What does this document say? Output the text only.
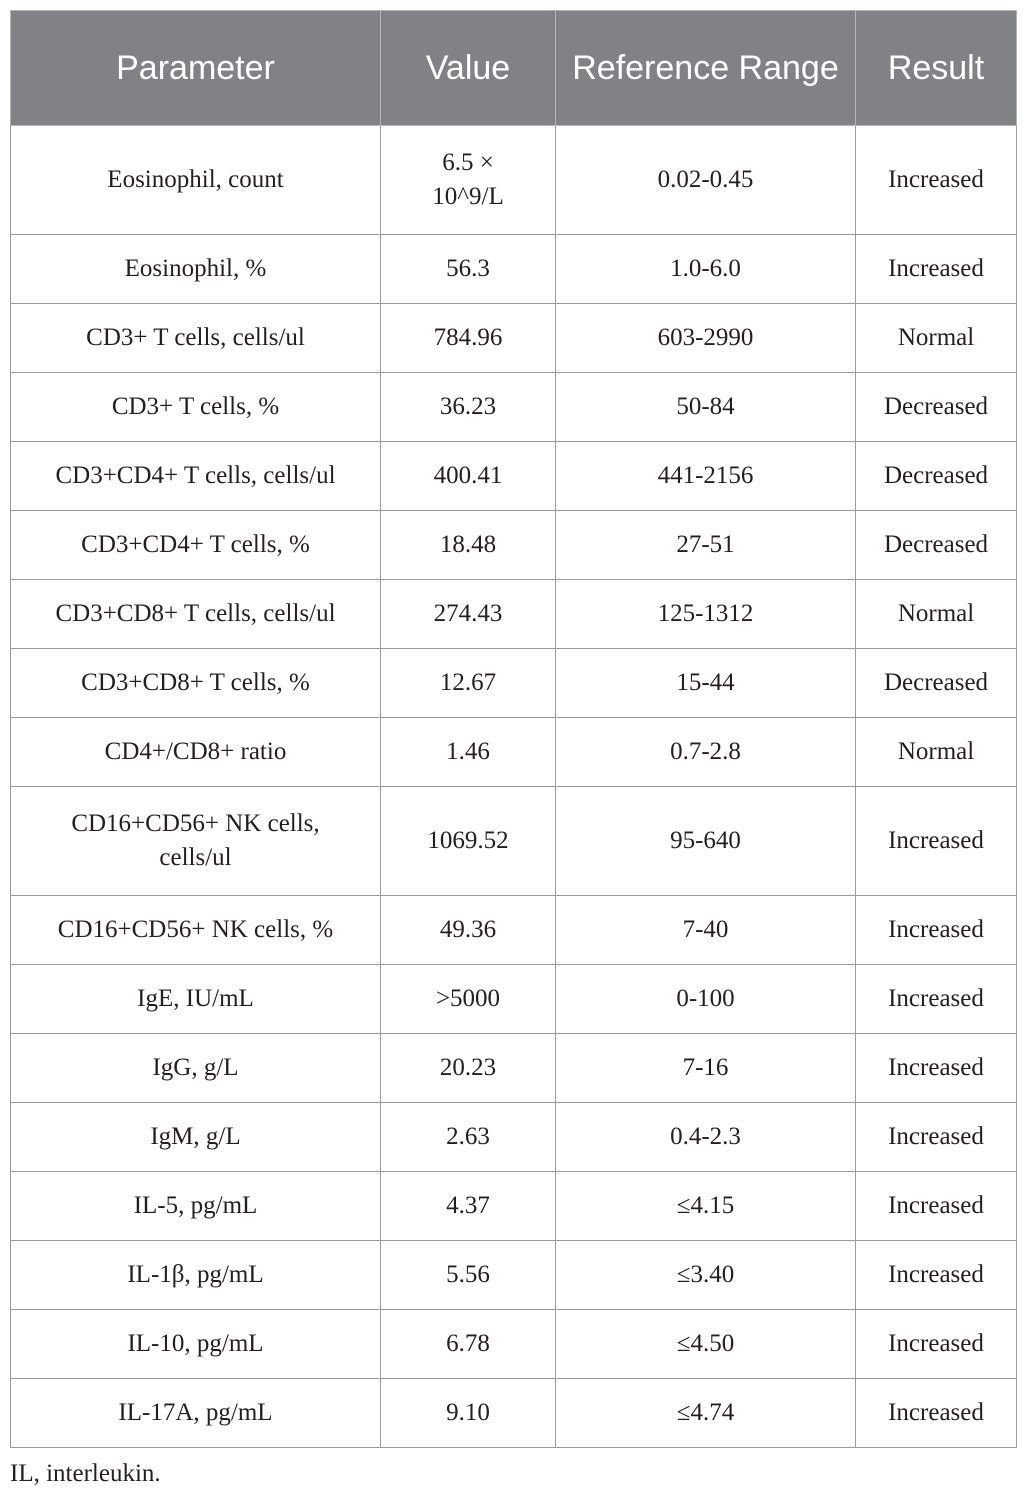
Parameter	Value	Reference Range	Result
Eosinophil, count	6.5 × 10^9/L	0.02-0.45	Increased
Eosinophil, %	56.3	1.0-6.0	Increased
CD3+ T cells, cells/ul	784.96	603-2990	Normal
CD3+ T cells, %	36.23	50-84	Decreased
CD3+CD4+ T cells, cells/ul	400.41	441-2156	Decreased
CD3+CD4+ T cells, %	18.48	27-51	Decreased
CD3+CD8+ T cells, cells/ul	274.43	125-1312	Normal
CD3+CD8+ T cells, %	12.67	15-44	Decreased
CD4+/CD8+ ratio	1.46	0.7-2.8	Normal
CD16+CD56+ NK cells, cells/ul	1069.52	95-640	Increased
CD16+CD56+ NK cells, %	49.36	7-40	Increased
IgE, IU/mL	>5000	0-100	Increased
IgG, g/L	20.23	7-16	Increased
IgM, g/L	2.63	0.4-2.3	Increased
IL-5, pg/mL	4.37	≤4.15	Increased
IL-1β, pg/mL	5.56	≤3.40	Increased
IL-10, pg/mL	6.78	≤4.50	Increased
IL-17A, pg/mL	9.10	≤4.74	Increased
IL, interleukin.
